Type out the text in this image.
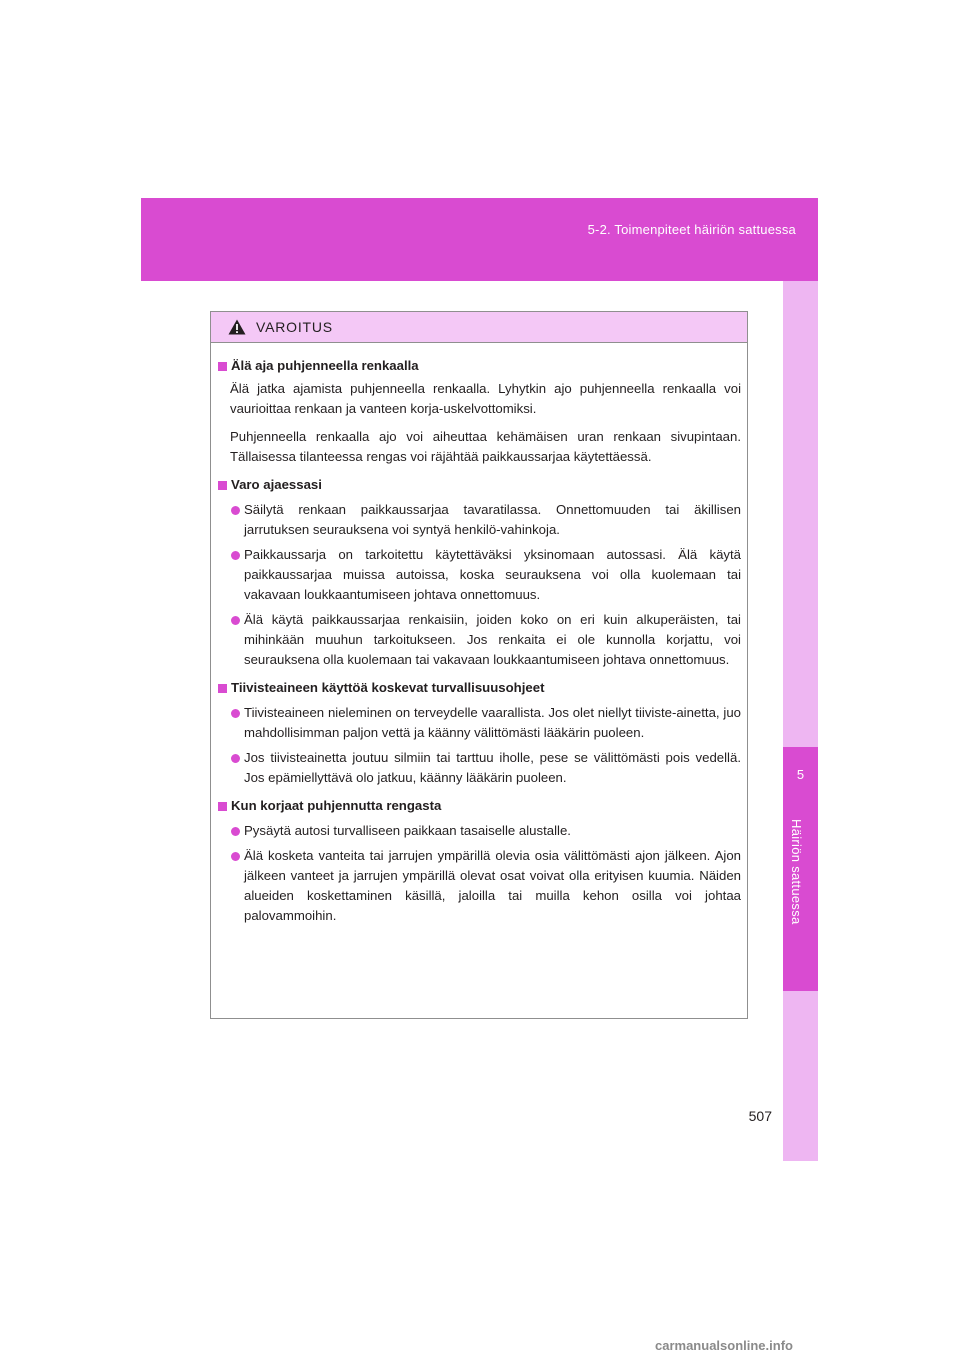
5-2. Toimenpiteet häiriön sattuessa
5
Häiriön sattuessa
VAROITUS
Älä aja puhjenneella renkaalla
Älä jatka ajamista puhjenneella renkaalla. Lyhytkin ajo puhjenneella renkaalla voi vaurioittaa renkaan ja vanteen korja-uskelvottomiksi.
Puhjenneella renkaalla ajo voi aiheuttaa kehämäisen uran renkaan sivupintaan. Tällaisessa tilanteessa rengas voi räjähtää paikkaussarjaa käytettäessä.
Varo ajaessasi
Säilytä renkaan paikkaussarjaa tavaratilassa. Onnettomuuden tai äkillisen jarrutuksen seurauksena voi syntyä henkilö-vahinkoja.
Paikkaussarja on tarkoitettu käytettäväksi yksinomaan autossasi. Älä käytä paikkaussarjaa muissa autoissa, koska seurauksena voi olla kuolemaan tai vakavaan loukkaantumiseen johtava onnettomuus.
Älä käytä paikkaussarjaa renkaisiin, joiden koko on eri kuin alkuperäisten, tai mihinkään muuhun tarkoitukseen. Jos renkaita ei ole kunnolla korjattu, voi seurauksena olla kuolemaan tai vakavaan loukkaantumiseen johtava onnettomuus.
Tiivisteaineen käyttöä koskevat turvallisuusohjeet
Tiivisteaineen nieleminen on terveydelle vaarallista. Jos olet niellyt tiiviste-ainetta, juo mahdollisimman paljon vettä ja käänny välittömästi lääkärin puoleen.
Jos tiivisteainetta joutuu silmiin tai tarttuu iholle, pese se välittömästi pois vedellä. Jos epämiellyttävä olo jatkuu, käänny lääkärin puoleen.
Kun korjaat puhjennutta rengasta
Pysäytä autosi turvalliseen paikkaan tasaiselle alustalle.
Älä kosketa vanteita tai jarrujen ympärillä olevia osia välittömästi ajon jälkeen. Ajon jälkeen vanteet ja jarrujen ympärillä olevat osat voivat olla erityisen kuumia. Näiden alueiden koskettaminen käsillä, jaloilla tai muilla kehon osilla voi johtaa palovammoihin.
507
carmanualsonline.info
